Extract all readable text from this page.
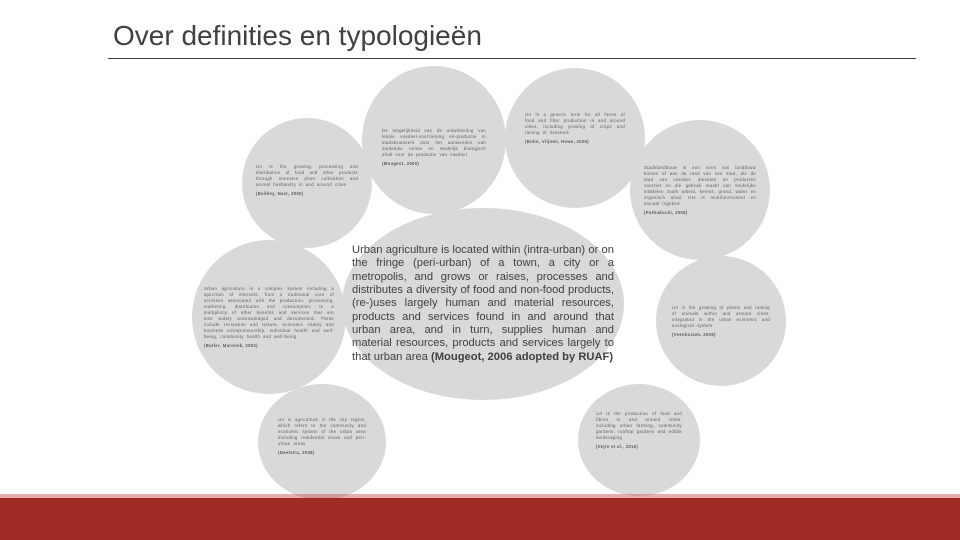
Over definities en typologieën
De mogelijkheid van de ontwikkeling van lokale voedsel-voorziening en-productie in stadsbewoners door het aanwenden van stedelijke ruimte en stedelijk biologisch afval voor de productie van voedsel
(Mougeot, 2000)
UA is a generic term for all forms of food and fiber production in and around cities, including growing of crops and raising of livestock
(Bohn, Viljoen, Howe, 2005)
UA is the growing, processing and distribution of food and other products through intensive plant cultivation and animal husbandry in and around cities
(Bailkey, Nasr, 2000)
Urban agriculture is a complex system including a spectrum of interests, from a traditional core of activities associated with the production, processing, marketing, distribution and consumption, to a multiplicity of other benefits and services that are less widely acknowledged and documented. These include recreation and leisure, economic vitality and business entrepreneurship, individual health and well-being, community health and well-being
(Butler, Maronek, 2002)
Stadslandbouw is een vorm van landbouw binnen of aan de rand van een stad, die de stad van voedsel, diensten en producten voorziet en die gebruik maakt van stedelijke middelen zoals arbeid, kennis, grond, water en organisch afval. Het is multifunctioneel en sociaal ingebed.
(Pothukuchi, 2008)
UA is the growing of plants and raising of animals within and around cities, integrated in the urban economic and ecological system
(Veenhuizen, 2006)
UA is agriculture in the city region, which refers to the community and economic system of the urban area including residential areas and peri-urban areas
(Deelstra, 2008)
UA is the production of food and fibres in and around cities, including urban farming, community gardens, rooftop gardens and edible landscaping
(Vejre et al., 2016)

Urban agriculture is located within (intra-urban) or on the fringe (peri-urban) of a town, a city or a metropolis, and grows or raises, processes and distributes a diversity of food and non-food products, (re-)uses largely human and material resources, products and services found in and around that urban area, and in turn, supplies human and material resources, products and services largely to that urban area (Mougeot, 2006 adopted by RUAF)
